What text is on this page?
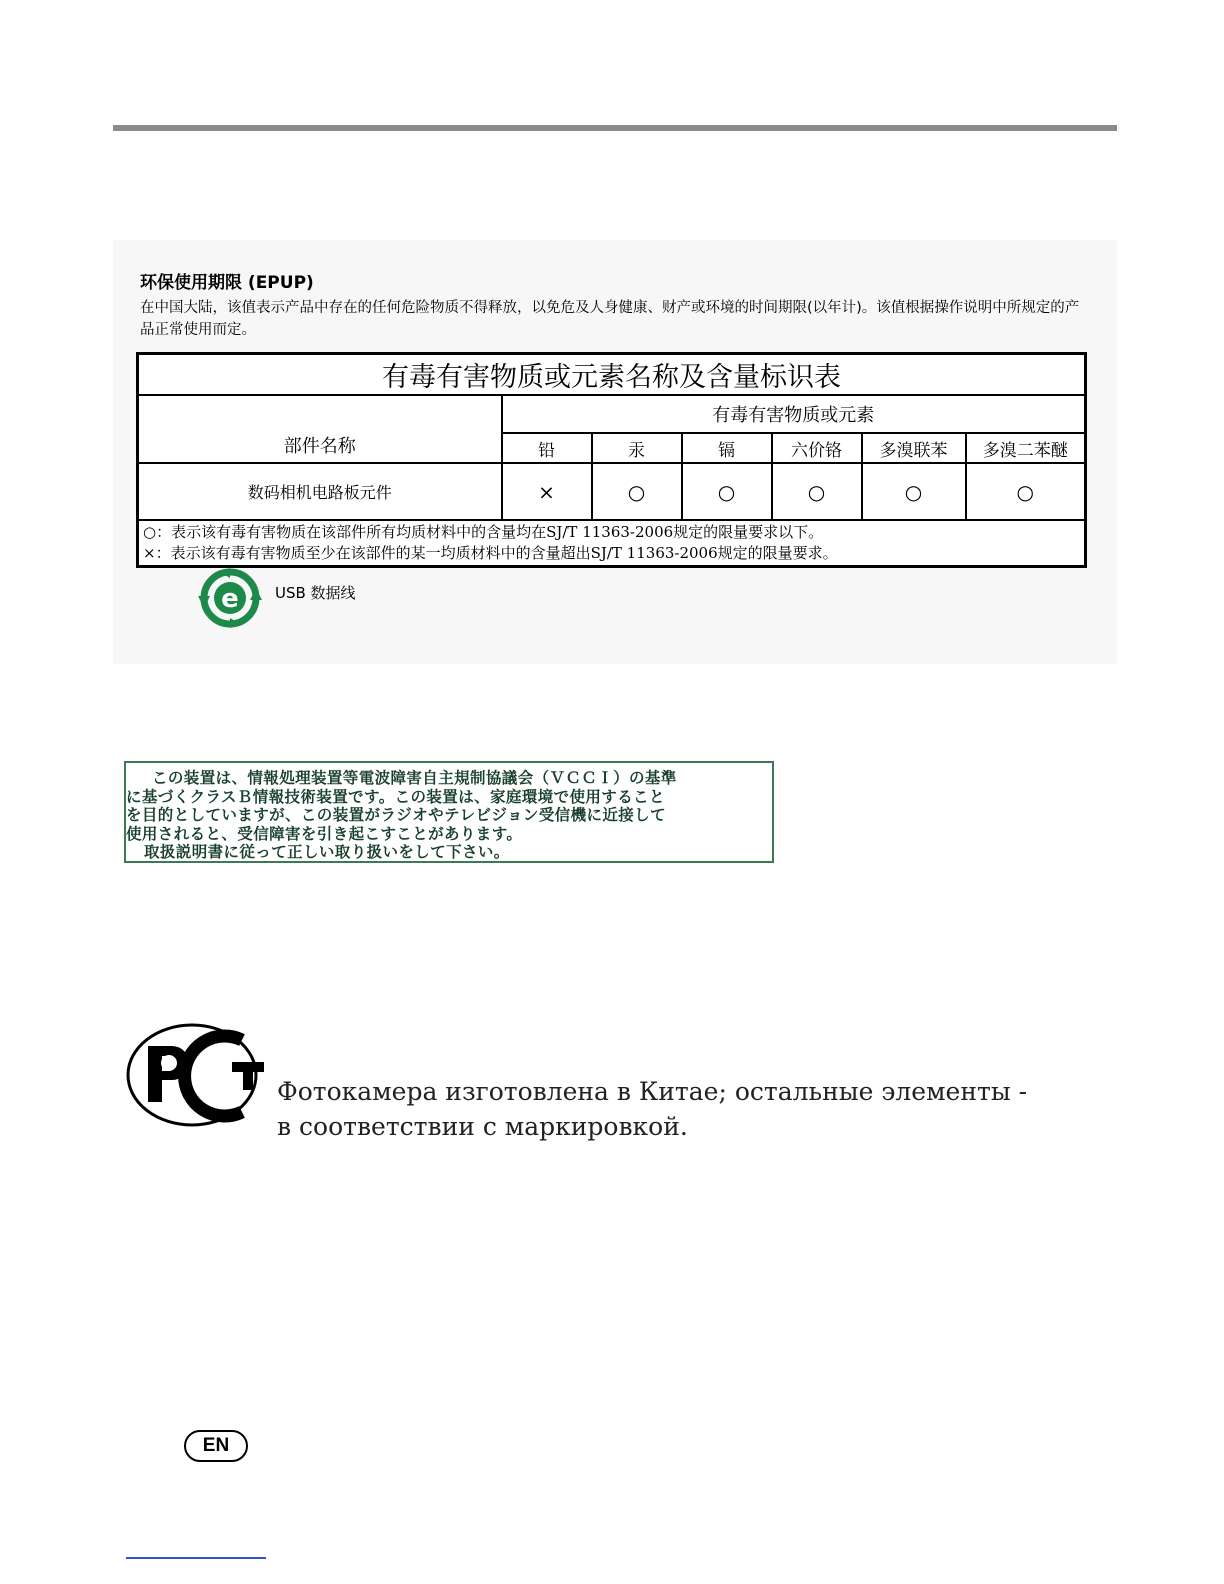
环保使用期限 (EPUP)
在中国大陆，该值表示产品中存在的任何危险物质不得释放，以免危及人身健康、财产或环境的时间期限(以年计)。该值根据操作说明中所规定的产品正常使用而定。
有毒有害物质或元素名称及含量标识表						
部件名称	有毒有害物质或元素					
	铅	汞	镉	六价铬	多溴联苯	多溴二苯醚
数码相机电路板元件	×	○	○	○	○	○

○：表示该有毒有害物质在该部件所有均质材料中的含量均在SJ/T 11363-2006规定的限量要求以下。
×：表示该有毒有害物质至少在该部件的某一均质材料中的含量超出SJ/T 11363-2006规定的限量要求。						
e USB 数据线
この装置は、情報処理装置等電波障害自主規制協議会（ＶＣＣＩ）の基準
に基づくクラスＢ情報技術装置です。この装置は、家庭環境で使用すること
を目的としていますが、この装置がラジオやテレビジョン受信機に近接して
使用されると、受信障害を引き起こすことがあります。
取扱説明書に従って正しい取り扱いをして下さい。
PCT
Фотокамера изготовлена в Китае; остальные элементы -
в соответствии с маркировкой.
EN
